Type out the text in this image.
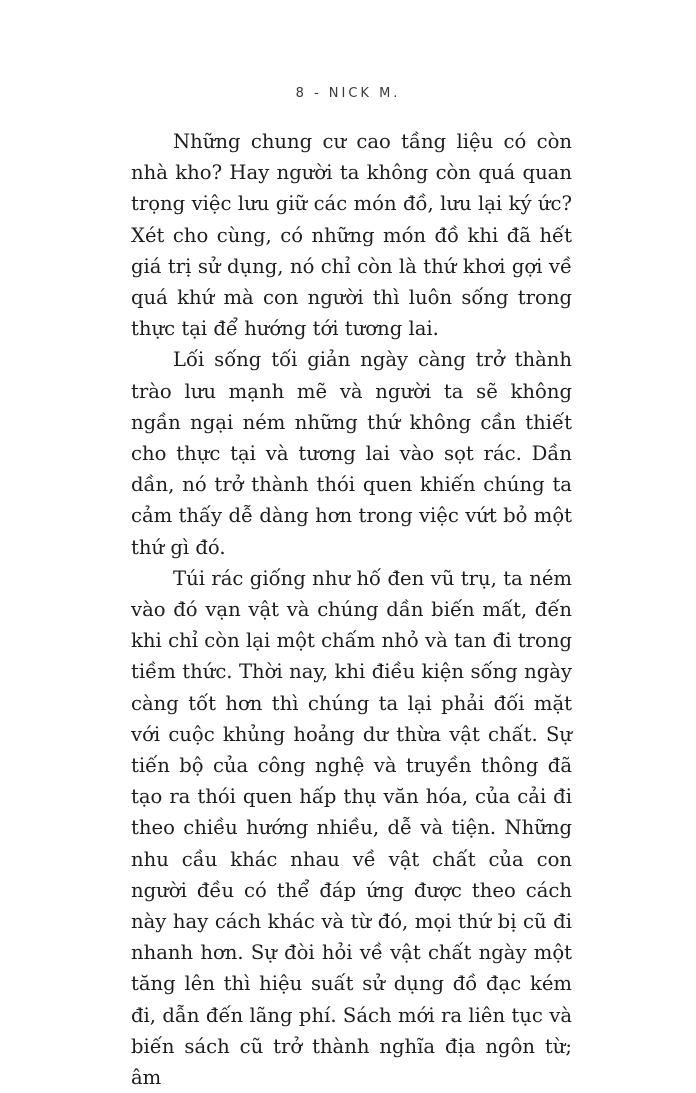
8 - NICK M.

Những chung cư cao tầng liệu có còn nhà kho? Hay người ta không còn quá quan trọng việc lưu giữ các món đồ, lưu lại ký ức? Xét cho cùng, có những món đồ khi đã hết giá trị sử dụng, nó chỉ còn là thứ khơi gợi về quá khứ mà con người thì luôn sống trong thực tại để hướng tới tương lai.

Lối sống tối giản ngày càng trở thành trào lưu mạnh mẽ và người ta sẽ không ngần ngại ném những thứ không cần thiết cho thực tại và tương lai vào sọt rác. Dần dần, nó trở thành thói quen khiến chúng ta cảm thấy dễ dàng hơn trong việc vứt bỏ một thứ gì đó.

Túi rác giống như hố đen vũ trụ, ta ném vào đó vạn vật và chúng dần biến mất, đến khi chỉ còn lại một chấm nhỏ và tan đi trong tiềm thức. Thời nay, khi điều kiện sống ngày càng tốt hơn thì chúng ta lại phải đối mặt với cuộc khủng hoảng dư thừa vật chất. Sự tiến bộ của công nghệ và truyền thông đã tạo ra thói quen hấp thụ văn hóa, của cải đi theo chiều hướng nhiều, dễ và tiện. Những nhu cầu khác nhau về vật chất của con người đều có thể đáp ứng được theo cách này hay cách khác và từ đó, mọi thứ bị cũ đi nhanh hơn. Sự đòi hỏi về vật chất ngày một tăng lên thì hiệu suất sử dụng đồ đạc kém đi, dẫn đến lãng phí. Sách mới ra liên tục và biến sách cũ trở thành nghĩa địa ngôn từ; âm
